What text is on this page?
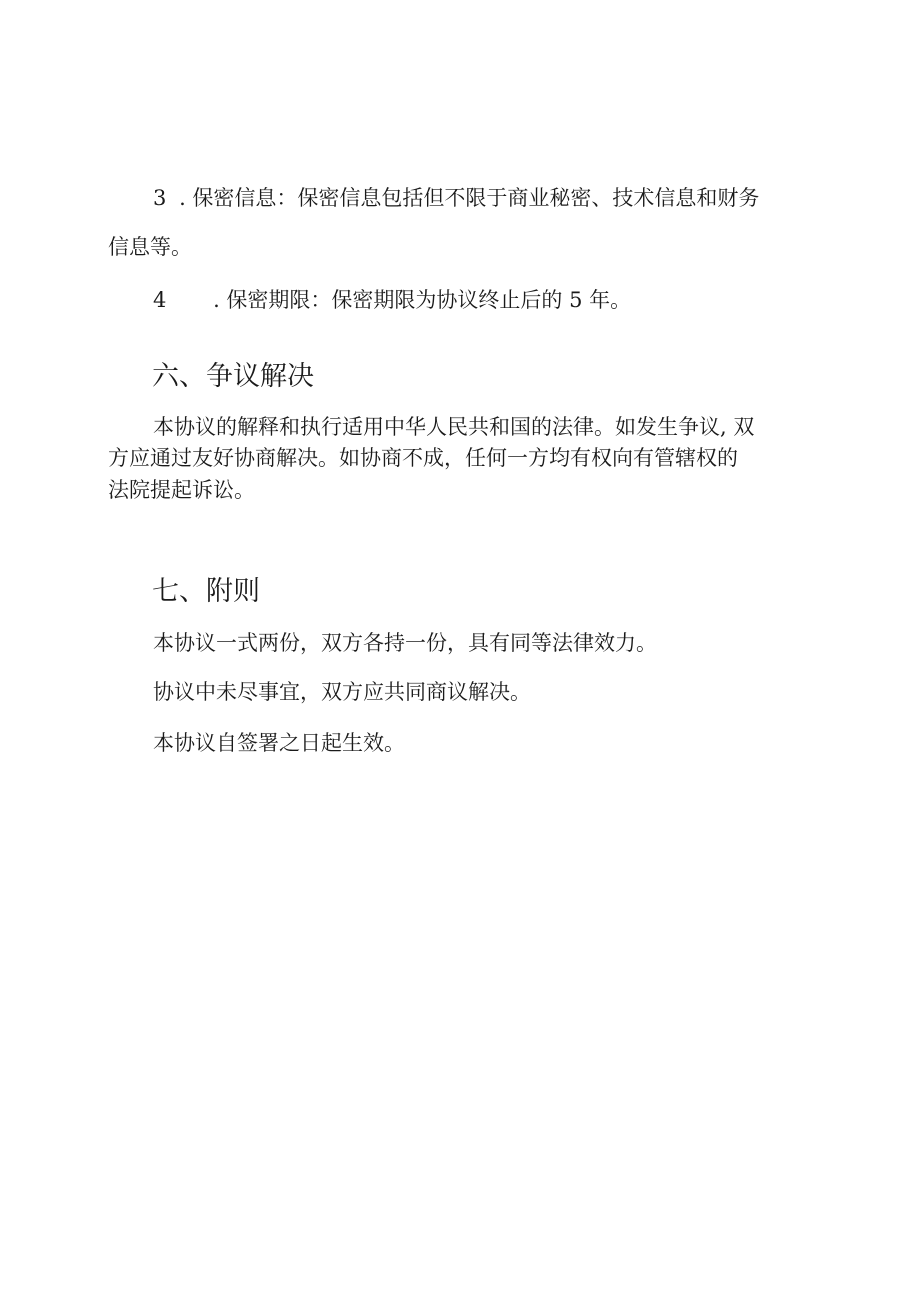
3 . 保密信息：保密信息包括但不限于商业秘密、技术信息和财务
信息等。
4 . 保密期限：保密期限为协议终止后的 5 年。
六、争议解决
本协议的解释和执行适用中华人民共和国的法律。如发生争议, 双
方应通过友好协商解决。如协商不成，任何一方均有权向有管辖权的
法院提起诉讼。
七、附则
本协议一式两份，双方各持一份，具有同等法律效力。
协议中未尽事宜，双方应共同商议解决。
本协议自签署之日起生效。
